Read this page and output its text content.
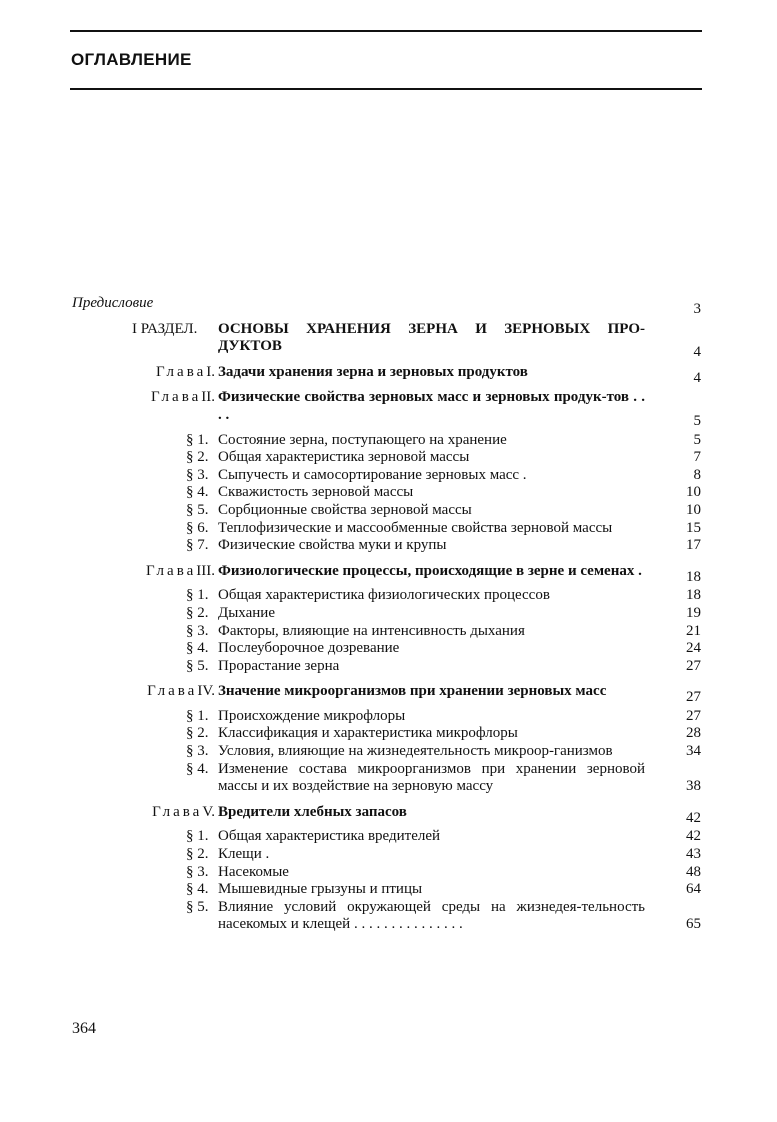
ОГЛАВЛЕНИЕ
Предисловие	3
I РАЗДЕЛ. ОСНОВЫ ХРАНЕНИЯ ЗЕРНА И ЗЕРНОВЫХ ПРО-ДУКТОВ	4
ГлаваI. Задачи хранения зерна и зерновых продуктов	4
ГлаваII. Физические свойства зерновых масс и зерновых продук-тов . . . .	5
§ 1. Состояние зерна, поступающего на хранение	5
§ 2. Общая характеристика зерновой массы	7
§ 3. Сыпучесть и самосортирование зерновых масс .	8
§ 4. Скважистость зерновой массы	10
§ 5. Сорбционные свойства зерновой массы	10
§ 6. Теплофизические и массообменные свойства зерновой массы	15
§ 7. Физические свойства муки и крупы	17
ГлаваIII. Физиологические процессы, происходящие в зерне и семенах .	18
§ 1. Общая характеристика физиологических процессов	18
§ 2. Дыхание	19
§ 3. Факторы, влияющие на интенсивность дыхания	21
§ 4. Послеуборочное дозревание	24
§ 5. Прорастание зерна	27
ГлаваIV. Значение микроорганизмов при хранении зерновых масс	27
§ 1. Происхождение микрофлоры	27
§ 2. Классификация и характеристика микрофлоры	28
§ 3. Условия, влияющие на жизнедеятельность микроор-ганизмов	34
§ 4. Изменение состава микроорганизмов при хранении зерновой массы и их воздействие на зерновую массу	38
ГлаваV. Вредители хлебных запасов	42
§ 1. Общая характеристика вредителей	42
§ 2. Клещи .	43
§ 3. Насекомые	48
§ 4. Мышевидные грызуны и птицы	64
§ 5. Влияние условий окружающей среды на жизнедея-тельность насекомых и клещей . . . . . . . . . . . . . . .	65

364
